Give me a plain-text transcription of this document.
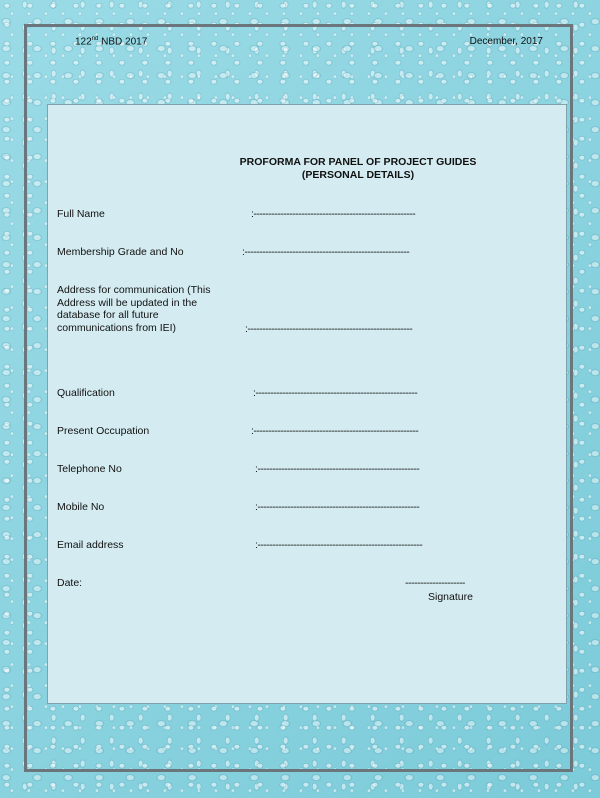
122nd NBD 2017	December, 2017
PROFORMA FOR PANEL OF PROJECT GUIDES
(PERSONAL DETAILS)
Full Name	:------------------------------------------------------
Membership Grade and No	:-------------------------------------------------------
Address for communication (This
Address will be updated in the
database for all future
communications from IEI)	:-------------------------------------------------------
Qualification	:------------------------------------------------------
Present Occupation	:-------------------------------------------------------
Telephone No	:------------------------------------------------------
Mobile No	:------------------------------------------------------
Email address	:-------------------------------------------------------
Date:	--------------------
Signature
